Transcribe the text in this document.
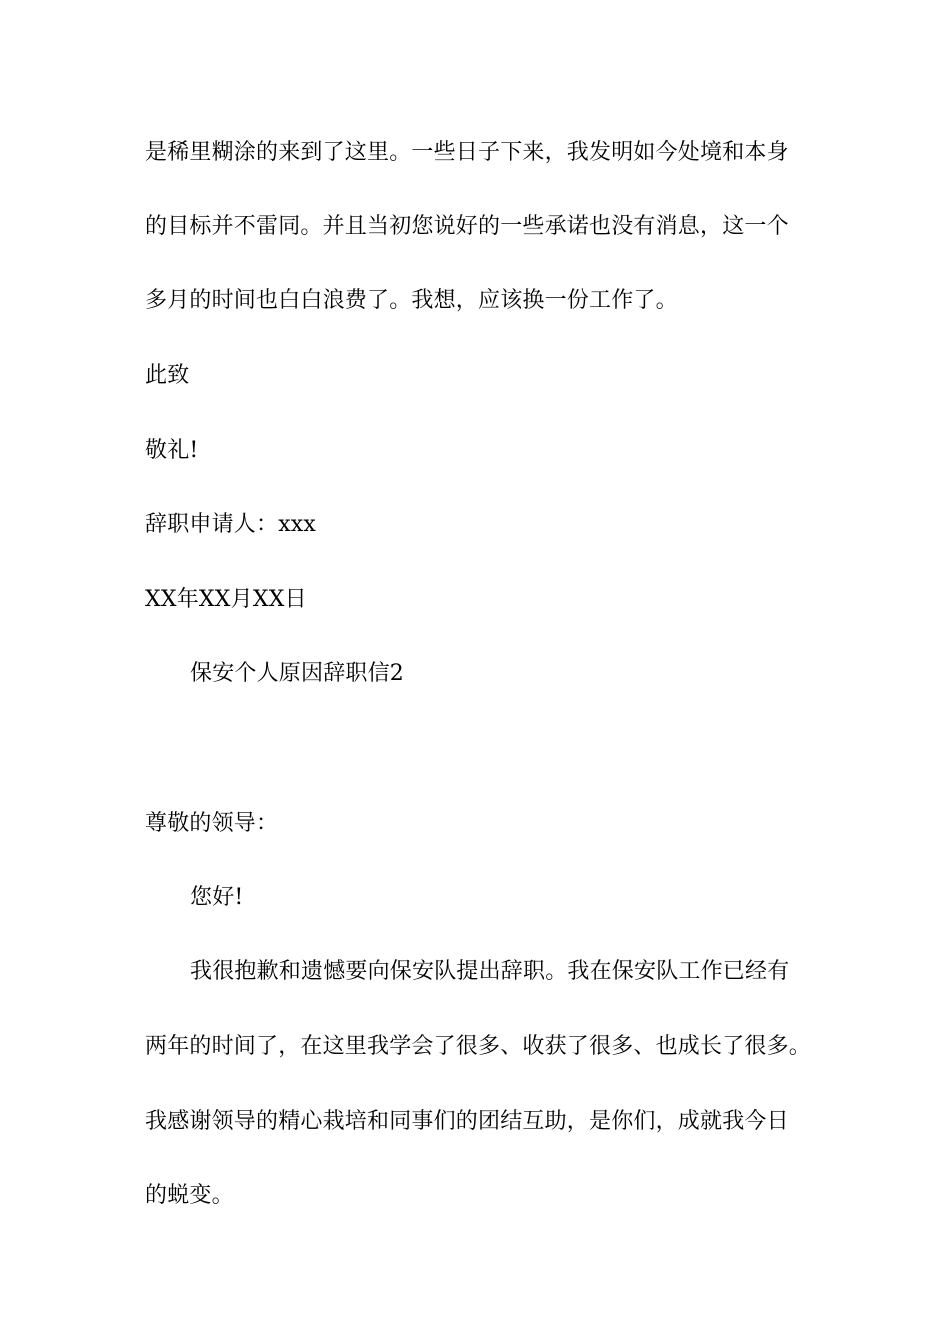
是稀里糊涂的来到了这里。一些日子下来，我发明如今处境和本身
的目标并不雷同。并且当初您说好的一些承诺也没有消息，这一个
多月的时间也白白浪费了。我想，应该换一份工作了。
此致
敬礼!
辞职申请人：xxx
XX年XX月XX日
保安个人原因辞职信2
尊敬的领导：
您好!
我很抱歉和遗憾要向保安队提出辞职。我在保安队工作已经有
两年的时间了，在这里我学会了很多、收获了很多、也成长了很多。
我感谢领导的精心栽培和同事们的团结互助，是你们，成就我今日
的蜕变。
